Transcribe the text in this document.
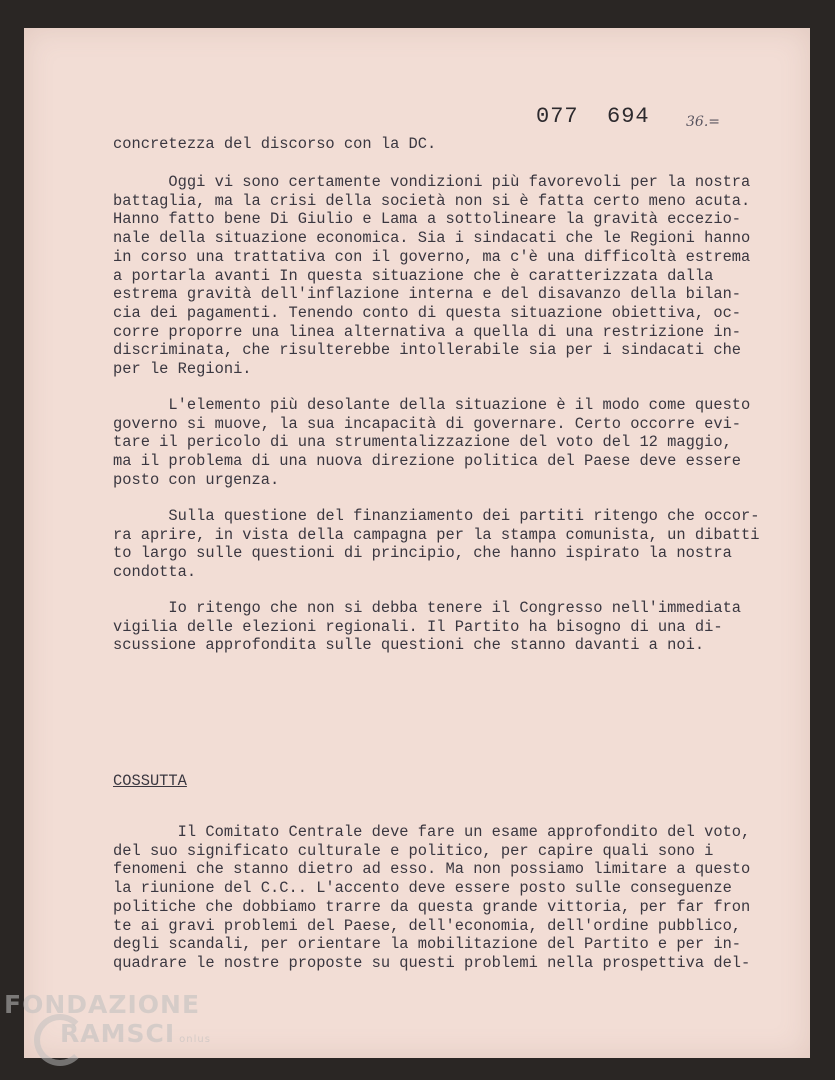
077  694	36.=
concretezza del discorso con la DC.
Oggi vi sono certamente vondizioni più favorevoli per la nostra
battaglia, ma la crisi della società non si è fatta certo meno acuta.
Hanno fatto bene Di Giulio e Lama a sottolineare la gravità eccezio-
nale della situazione economica. Sia i sindacati che le Regioni hanno
in corso una trattativa con il governo, ma c'è una difficoltà estrema
a portarla avanti In questa situazione che è caratterizzata dalla
estrema gravità dell'inflazione interna e del disavanzo della bilan-
cia dei pagamenti. Tenendo conto di questa situazione obiettiva, oc-
corre proporre una linea alternativa a quella di una restrizione in-
discriminata, che risulterebbe intollerabile sia per i sindacati che
per le Regioni.
L'elemento più desolante della situazione è il modo come questo
governo si muove, la sua incapacità di governare. Certo occorre evi-
tare il pericolo di una strumentalizzazione del voto del 12 maggio,
ma il problema di una nuova direzione politica del Paese deve essere
posto con urgenza.
Sulla questione del finanziamento dei partiti ritengo che occor-
ra aprire, in vista della campagna per la stampa comunista, un dibatti
to largo sulle questioni di principio, che hanno ispirato la nostra
condotta.
Io ritengo che non si debba tenere il Congresso nell'immediata
vigilia delle elezioni regionali. Il Partito ha bisogno di una di-
scussione approfondita sulle questioni che stanno davanti a noi.
COSSUTTA
Il Comitato Centrale deve fare un esame approfondito del voto,
del suo significato culturale e politico, per capire quali sono i
fenomeni che stanno dietro ad esso. Ma non possiamo limitare a questo
la riunione del C.C.. L'accento deve essere posto sulle conseguenze
politiche che dobbiamo trarre da questa grande vittoria, per far fron
te ai gravi problemi del Paese, dell'economia, dell'ordine pubblico,
degli scandali, per orientare la mobilitazione del Partito e per in-
quadrare le nostre proposte su questi problemi nella prospettiva del-
FONDAZIONE
RAMSCI onlus
